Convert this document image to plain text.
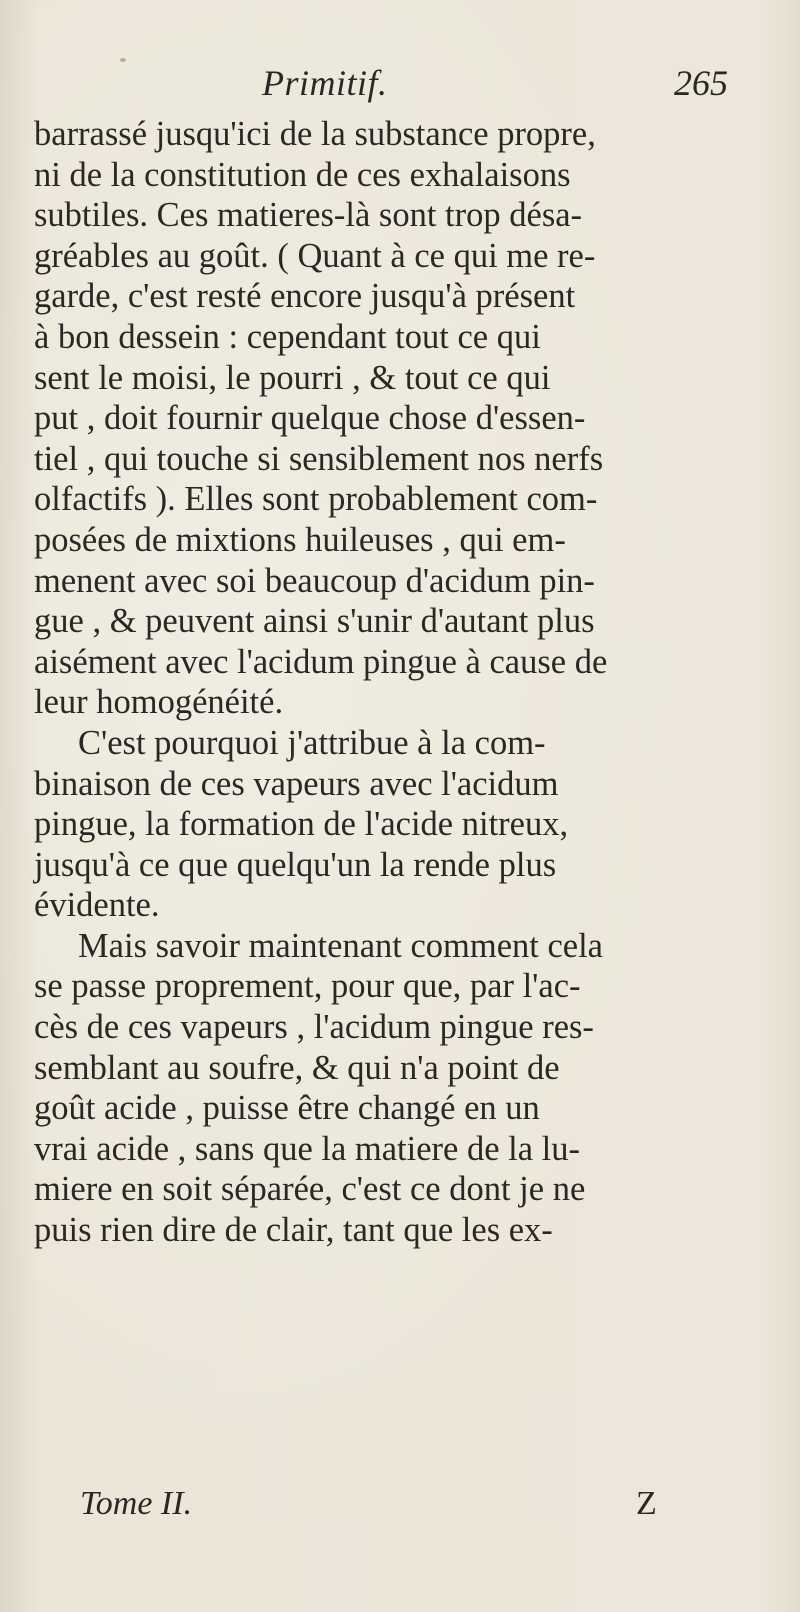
Primitif.	265
barrassé jusqu'ici de la substance propre,
ni de la constitution de ces exhalaisons
subtiles. Ces matieres-là sont trop désa-
gréables au goût. ( Quant à ce qui me re-
garde, c'est resté encore jusqu'à présent
à bon dessein : cependant tout ce qui
sent le moisi, le pourri , & tout ce qui
put , doit fournir quelque chose d'essen-
tiel , qui touche si sensiblement nos nerfs
olfactifs ). Elles sont probablement com-
posées de mixtions huileuses , qui em-
menent avec soi beaucoup d'acidum pin-
gue , & peuvent ainsi s'unir d'autant plus
aisément avec l'acidum pingue à cause de
leur homogénéité.
C'est pourquoi j'attribue à la com-
binaison de ces vapeurs avec l'acidum
pingue, la formation de l'acide nitreux,
jusqu'à ce que quelqu'un la rende plus
évidente.
Mais savoir maintenant comment cela
se passe proprement, pour que, par l'ac-
cès de ces vapeurs , l'acidum pingue res-
semblant au soufre, & qui n'a point de
goût acide , puisse être changé en un
vrai acide , sans que la matiere de la lu-
miere en soit séparée, c'est ce dont je ne
puis rien dire de clair, tant que les ex-
Tome II.	Z
